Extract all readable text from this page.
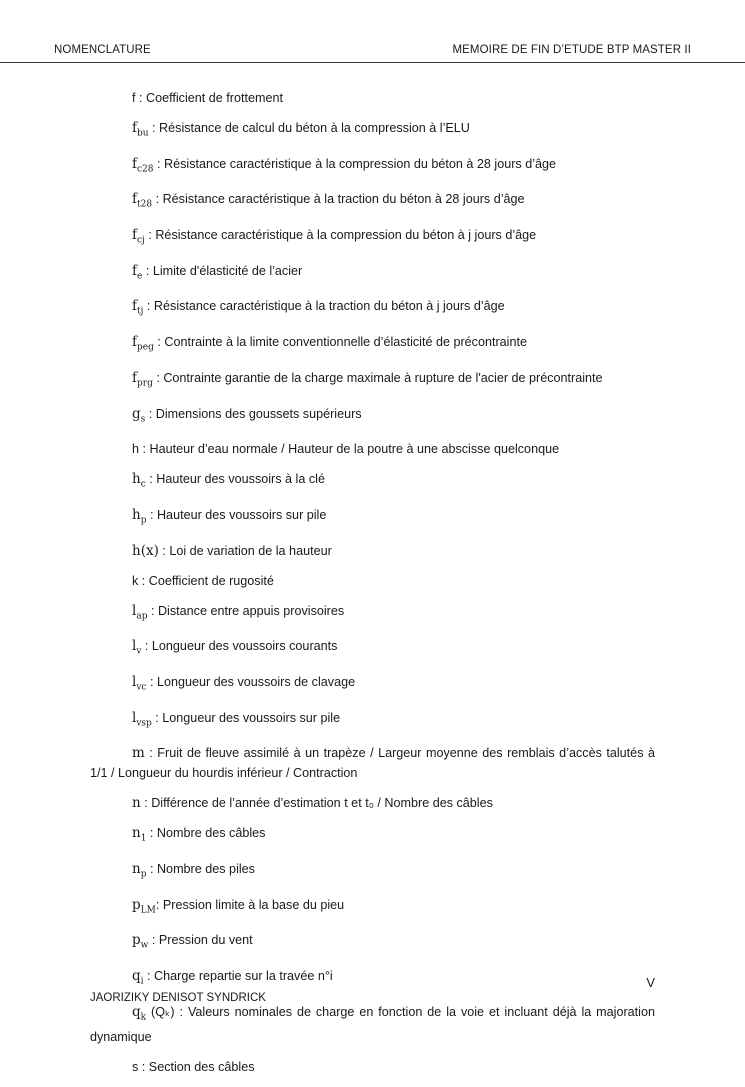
NOMENCLATURE	MEMOIRE DE FIN D’ETUDE BTP MASTER II
f : Coefficient de frottement
$f_{bu}$ : Résistance de calcul du béton à la compression à l’ELU
$f_{c28}$ : Résistance caractéristique à la compression du béton à 28 jours d’âge
$f_{t28}$ : Résistance caractéristique à la traction du béton à 28 jours d’âge
$f_{cj}$ : Résistance caractéristique à la compression du béton à j jours d’âge
$f_e$ : Limite d'élasticité de l’acier
$f_{tj}$ : Résistance caractéristique à la traction du béton à j jours d’âge
$f_{peg}$ : Contrainte à la limite conventionnelle d’élasticité de précontrainte
$f_{prg}$ : Contrainte garantie de la charge maximale à rupture de l'acier de précontrainte
$g_s$ : Dimensions des goussets supérieurs
h : Hauteur d’eau normale / Hauteur de la poutre à une abscisse quelconque
$h_c$ : Hauteur des voussoirs à la clé
$h_p$ : Hauteur des voussoirs sur pile
h(x) : Loi de variation de la hauteur
k : Coefficient de rugosité
$l_{ap}$ : Distance entre appuis provisoires
$l_v$ : Longueur des voussoirs courants
$l_{vc}$ : Longueur des voussoirs de clavage
$l_{vsp}$ : Longueur des voussoirs sur pile
m : Fruit de fleuve assimilé à un trapèze / Largeur moyenne des remblais d’accès talutés à 1/1 / Longueur du hourdis inférieur / Contraction
n : Différence de l’année d’estimation t et t₀ / Nombre des câbles
$n_1$ : Nombre des câbles
$n_p$ : Nombre des piles
$p_{LM}$: Pression limite à la base du pieu
$p_w$ : Pression du vent
$q_i$ : Charge repartie sur la travée n°i
$q_k$ (Qₖ) : Valeurs nominales de charge en fonction de la voie et incluant déjà la majoration dynamique
s : Section des câbles
V
JAORIZIKY DENISOT SYNDRICK
